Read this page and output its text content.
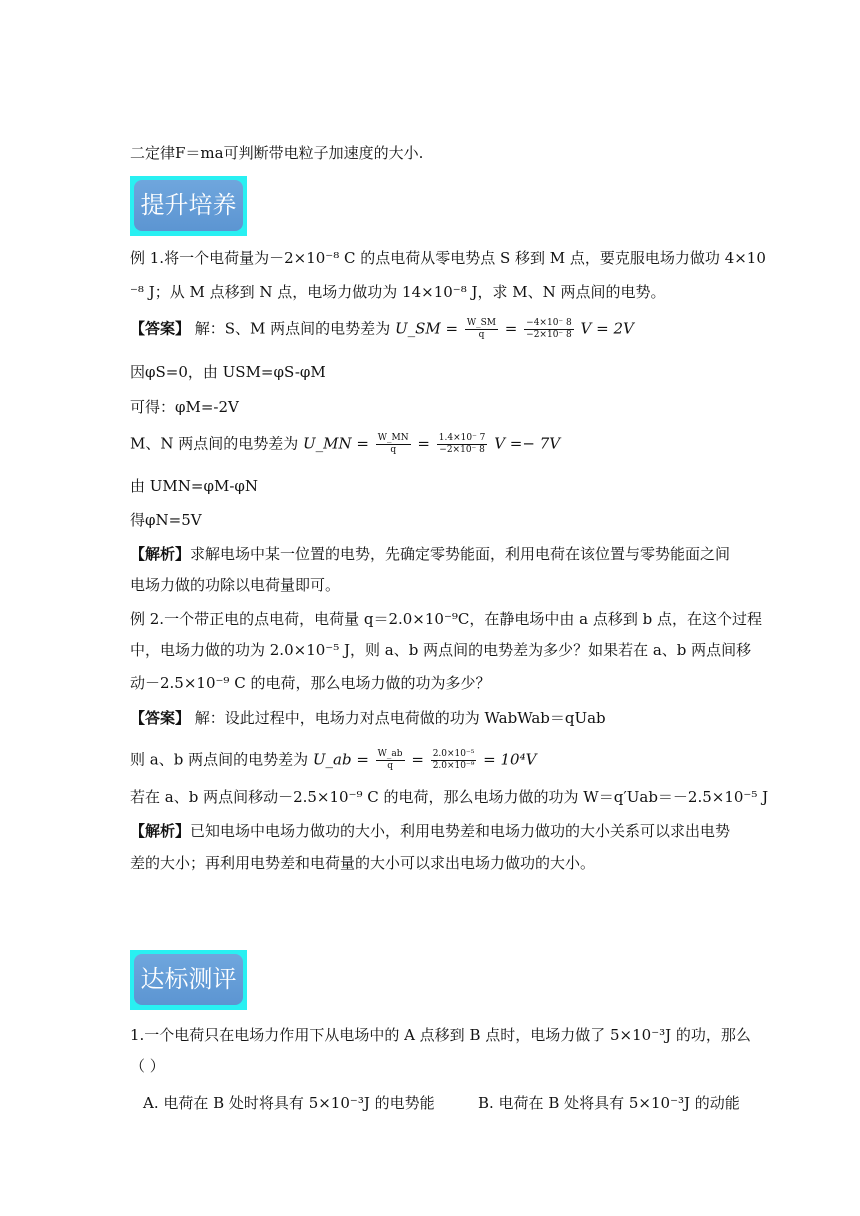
二定律F＝ma可判断带电粒子加速度的大小.
提升培养
例 1.将一个电荷量为－2×10⁻⁸ C 的点电荷从零电势点 S 移到 M 点，要克服电场力做功 4×10
⁻⁸ J；从 M 点移到 N 点，电场力做功为 14×10⁻⁸ J，求 M、N 两点间的电势。
【答案】 解：S、M 两点间的电势差为 U_SM = $\frac{W\_SM}{q} = \frac{-4\times 10^- 8}{-2\times 10^- 8}$ V = 2V
因φS=0，由 USM=φS-φM
可得：φM=-2V
M、N 两点间的电势差为 U_MN = $\frac{W\_MN}{q} = \frac{1.4\times 10^- 7}{-2\times 10^- 8}$ V =− 7V
由 UMN=φM-φN
得φN=5V
【解析】求解电场中某一位置的电势，先确定零势能面，利用电荷在该位置与零势能面之间
电场力做的功除以电荷量即可。
例 2.一个带正电的点电荷，电荷量 q＝2.0×10⁻⁹C，在静电场中由 a 点移到 b 点，在这个过程
中，电场力做的功为 2.0×10⁻⁵ J，则 a、b 两点间的电势差为多少？如果若在 a、b 两点间移
动－2.5×10⁻⁹ C 的电荷，那么电场力做的功为多少？
【答案】 解：设此过程中，电场力对点电荷做的功为 WabWab＝qUab
则 a、b 两点间的电势差为 U_ab = $\frac{W\_ab}{q} = \frac{\text{2.0×10⁻⁵}}{\text{2.0×10⁻⁹}} = 10^4V$
若在 a、b 两点间移动－2.5×10⁻⁹ C 的电荷，那么电场力做的功为 W＝q′Uab＝－2.5×10⁻⁵ J
【解析】已知电场中电场力做功的大小，利用电势差和电场力做功的大小关系可以求出电势
差的大小；再利用电势差和电荷量的大小可以求出电场力做功的大小。
达标测评
1.一个电荷只在电场力作用下从电场中的 A 点移到 B 点时，电场力做了 5×10⁻³J 的功，那么
（ ）
A. 电荷在 B 处时将具有 5×10⁻³J 的电势能	B. 电荷在 B 处将具有 5×10⁻³J 的动能
